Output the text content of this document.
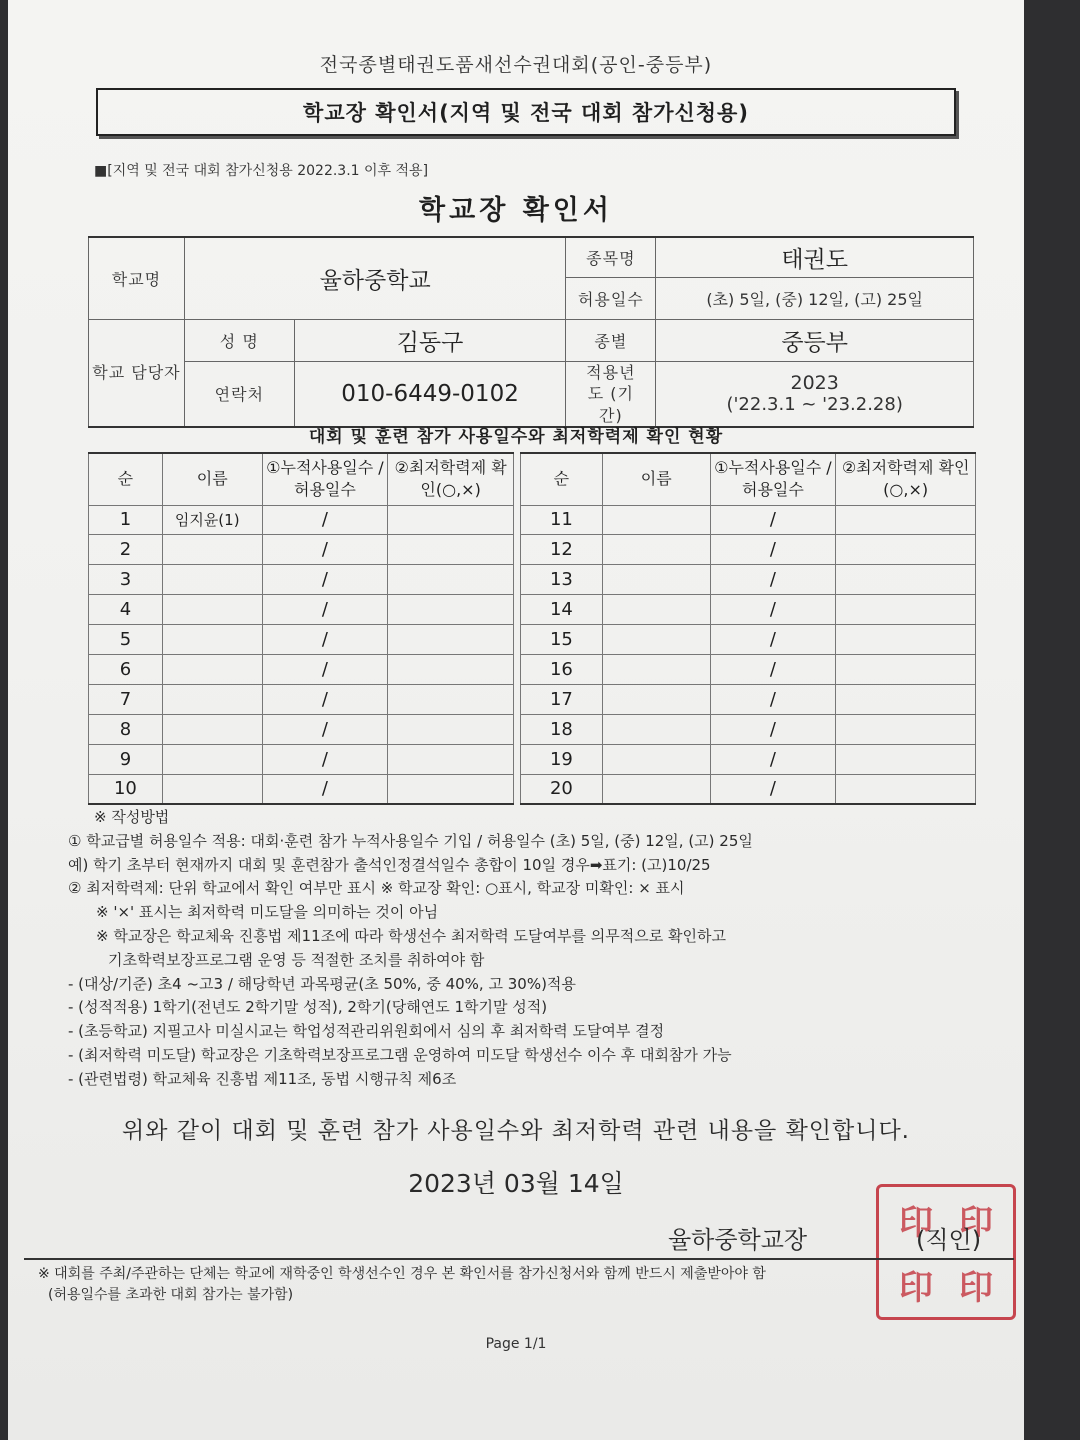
전국종별태권도품새선수권대회(공인-중등부)
학교장 확인서(지역 및 전국 대회 참가신청용)
■[지역 및 전국 대회 참가신청용 2022.3.1 이후 적용]
학교장 확인서
학교명	율하중학교		종목명	태권도
			허용일수	(초) 5일, (중) 12일, (고) 25일
학교 담당자	성 명	김동구	종별	중등부
	연락처	010-6449-0102	적용년도 (기간)	2023
('22.3.1 ~ '23.2.28)
대회 및 훈련 참가 사용일수와 최저학력제 확인 현황
순	이름	①누적사용일수 /허용일수	②최저학력제 확인(○,×)
1	임지윤(1)	/	
2		/	
3		/	
4		/	
5		/	
6		/	
7		/	
8		/	
9		/	
10		/	
순	이름	①누적사용일수 /허용일수	②최저학력제 확인(○,×)
11		/	
12		/	
13		/	
14		/	
15		/	
16		/	
17		/	
18		/	
19		/	
20		/	
※ 작성방법
① 학교급별 허용일수 적용: 대회·훈련 참가 누적사용일수 기입 / 허용일수 (초) 5일, (중) 12일, (고) 25일
예) 학기 초부터 현재까지 대회 및 훈련참가 출석인정결석일수 총합이 10일 경우➡표기: (고)10/25
② 최저학력제: 단위 학교에서 확인 여부만 표시 ※ 학교장 확인: ○표시, 학교장 미확인: × 표시
※ '×' 표시는 최저학력 미도달을 의미하는 것이 아님
※ 학교장은 학교체육 진흥법 제11조에 따라 학생선수 최저학력 도달여부를 의무적으로 확인하고
기초학력보장프로그램 운영 등 적절한 조치를 취하여야 함
- (대상/기준) 초4 ~고3 / 해당학년 과목평균(초 50%, 중 40%, 고 30%)적용
- (성적적용) 1학기(전년도 2학기말 성적), 2학기(당해연도 1학기말 성적)
- (초등학교) 지필고사 미실시교는 학업성적관리위원회에서 심의 후 최저학력 도달여부 결정
- (최저학력 미도달) 학교장은 기초학력보장프로그램 운영하여 미도달 학생선수 이수 후 대회참가 가능
- (관련법령) 학교체육 진흥법 제11조, 동법 시행규칙 제6조
위와 같이 대회 및 훈련 참가 사용일수와 최저학력 관련 내용을 확인합니다.
2023년 03월 14일
印 印
印 印
율하중학교장	(직인)
※ 대회를 주최/주관하는 단체는 학교에 재학중인 학생선수인 경우 본 확인서를 참가신청서와 함께 반드시 제출받아야 함
(허용일수를 초과한 대회 참가는 불가함)
Page 1/1
